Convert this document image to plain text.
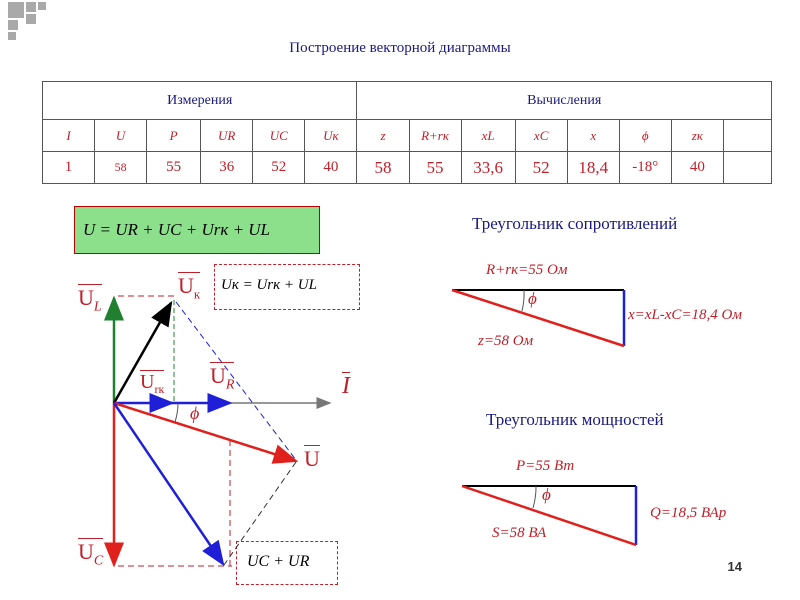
Построение векторной диаграммы
Измерения						Вычисления							
I	U	P	UR	UC	Uк	z	R+rк	xL	xC	x	ϕ	zк	
1	58	55	36	52	40	58	55	33,6	52	18,4	-18°	40	
U = UR + UC + Urк + UL
Uк = Urк + UL
UC + UR
$U_L$
$U_к$
$U_{rк}$
$U_R$	I
U
$U_C$
ϕ
Треугольник сопротивлений
R+rк=55 Ом
z=58 Ом
x=xL-xC=18,4 Ом
ϕ
Треугольник мощностей
P=55 Вт
S=58 ВА
Q=18,5 ВАр
ϕ
14
